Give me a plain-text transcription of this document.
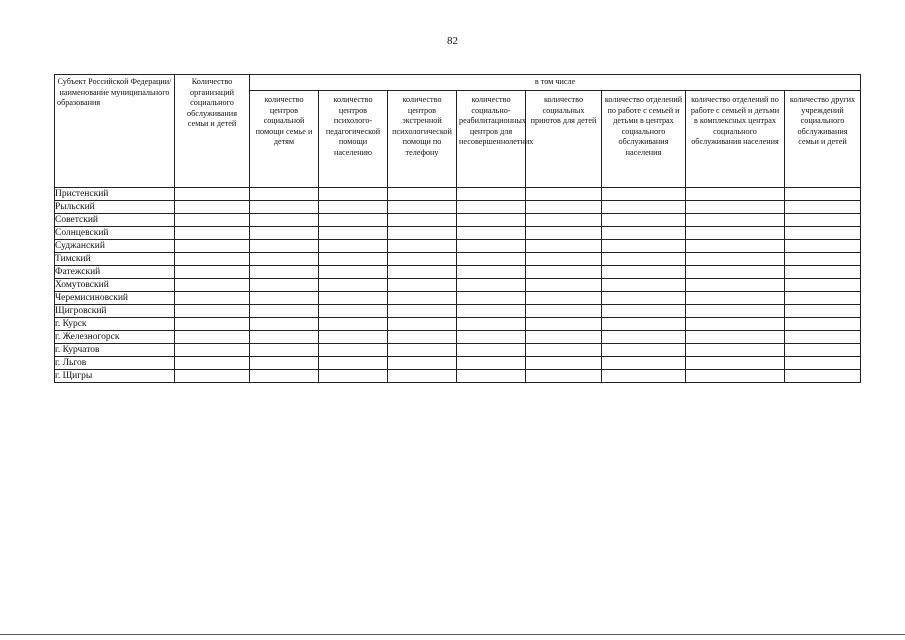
82
Субъект Российской Федерации/наименование муниципального образования	Количество организаций социального обслуживания семьи и детей	в том числе							
		количество центров социальной помощи семье и детям	количество центров психолого-педагогической помощи населению	количество центров экстренной психологической помощи по телефону	количество социально-реабилитационных центров для несовершеннолетних	количество социальных приютов для детей	количество отделений по работе с семьей и детьми в центрах социального обслуживания населения	количество отделений по работе с семьей и детьми в комплексных центрах социального обслуживания населения	количество других учреждений социального обслуживания семьи и детей
Пристенский									
Рыльский									
Советский									
Солнцевский									
Суджанский									
Тимский									
Фатежский									
Хомутовский									
Черемисиновский									
Щигровский									
г. Курск									
г. Железногорск									
г. Курчатов									
г. Льгов									
г. Щигры									
